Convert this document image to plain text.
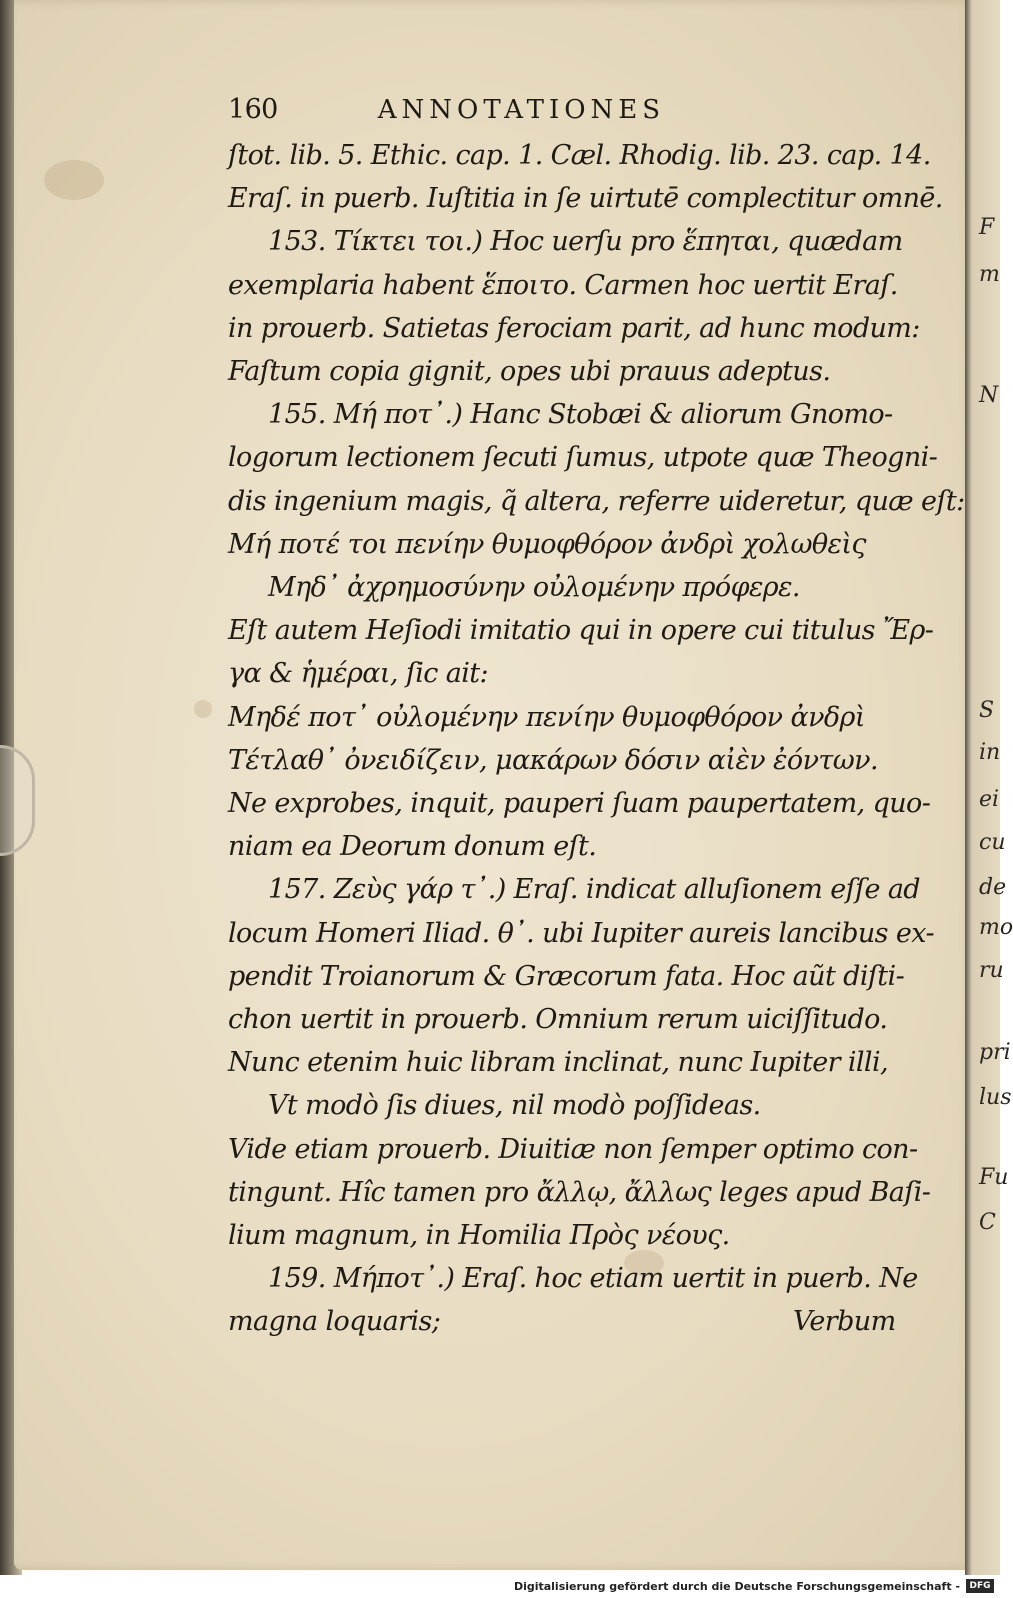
F
m
N
S
in
ei
cu
de
mo
ru
pri
lus
Fu
C
160	ANNOTATIONES
ſtot. lib. 5. Ethic. cap. 1. Cæl. Rhodig. lib. 23. cap. 14.
Eraſ. in puerb. Iuſtitia in ſe uirtutē complectitur omnē.
153. Τίκτει τοι.) Hoc uerſu pro ἕπηται, quædam
exemplaria habent ἕποιτο. Carmen hoc uertit Eraſ.
in prouerb. Satietas ferociam parit, ad hunc modum:
Faſtum copia gignit, opes ubi prauus adeptus.
155. Μή ποτ᾽.) Hanc Stobæi & aliorum Gnomo-
logorum lectionem ſecuti ſumus, utpote quæ Theogni-
dis ingenium magis, q̃ altera, referre uideretur, quæ eſt:
Μή ποτέ τοι πενίην θυμοφθόρον ἀνδρὶ χολωθεὶς
Μηδ᾽ ἀχρημοσύνην οὐλομένην πρόφερε.
Eſt autem Heſiodi imitatio qui in opere cui titulus Ἔρ-
γα & ἡμέραι, ſic ait:
Μηδέ ποτ᾽ οὐλομένην πενίην θυμοφθόρον ἀνδρὶ
Τέτλαθ᾽ ὀνειδίζειν, μακάρων δόσιν αἰὲν ἐόντων.
Ne exprobes, inquit, pauperi ſuam paupertatem, quo-
niam ea Deorum donum eſt.
157. Ζεὺς γάρ τ᾽.) Eraſ. indicat alluſionem eſſe ad
locum Homeri Iliad. θ᾽. ubi Iupiter aureis lancibus ex-
pendit Troianorum & Græcorum fata. Hoc aũt diſti-
chon uertit in prouerb. Omnium rerum uiciſſitudo.
Nunc etenim huic libram inclinat, nunc Iupiter illi,
Vt modò ſis diues, nil modò poſſideas.
Vide etiam prouerb. Diuitiæ non ſemper optimo con-
tingunt. Hîc tamen pro ἄλλῳ, ἄλλως leges apud Baſi-
lium magnum, in Homilia Πρὸς νέους.
159. Μήποτ᾽.) Eraſ. hoc etiam uertit in puerb. Ne
magna loquaris;	Verbum
Digitalisierung gefördert durch die Deutsche Forschungsgemeinschaft -	DFG
